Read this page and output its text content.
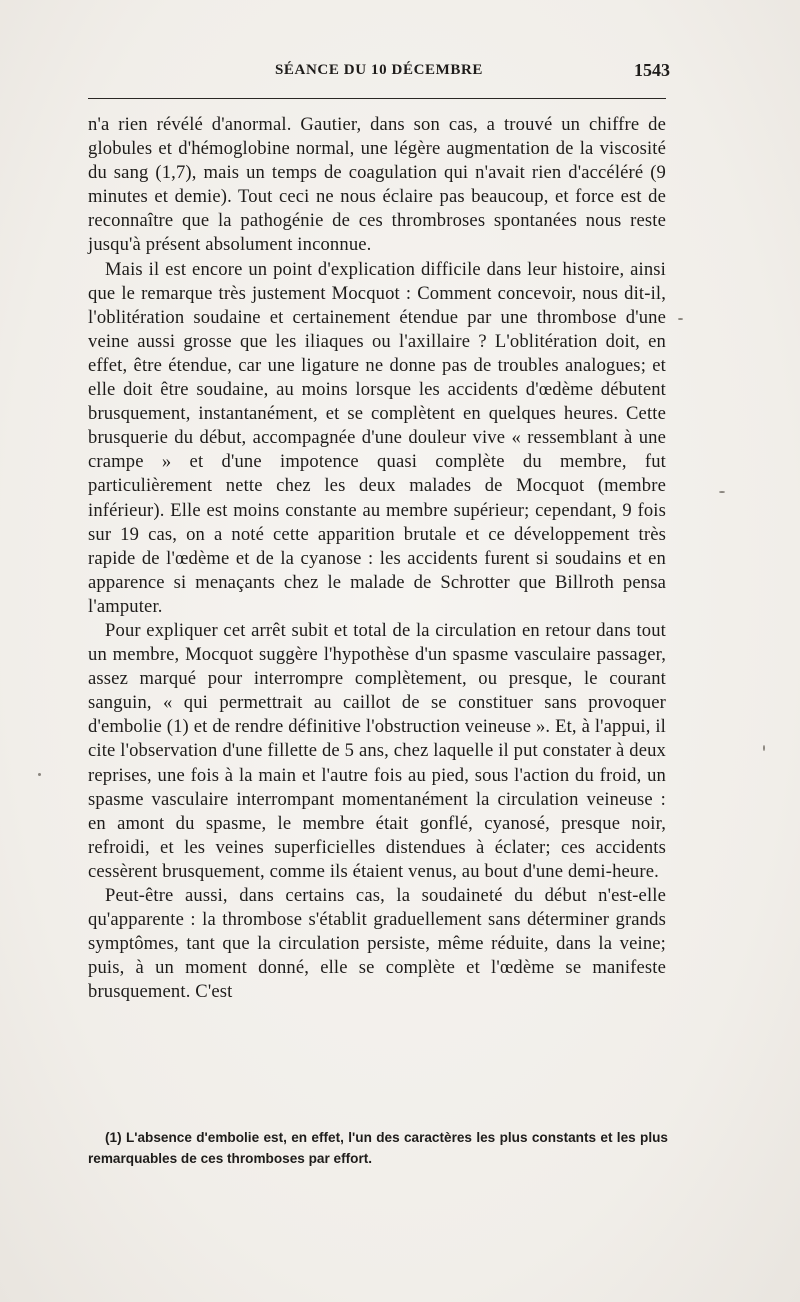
SÉANCE DU 10 DÉCEMBRE	1543

n'a rien révélé d'anormal. Gautier, dans son cas, a trouvé un chiffre de globules et d'hémoglobine normal, une légère augmentation de la viscosité du sang (1,7), mais un temps de coagulation qui n'avait rien d'accéléré (9 minutes et demie). Tout ceci ne nous éclaire pas beaucoup, et force est de reconnaître que la pathogénie de ces thrombroses spontanées nous reste jusqu'à présent absolument inconnue.

Mais il est encore un point d'explication difficile dans leur histoire, ainsi que le remarque très justement Mocquot : Comment concevoir, nous dit-il, l'oblitération soudaine et certainement étendue par une thrombose d'une veine aussi grosse que les iliaques ou l'axillaire ? L'oblitération doit, en effet, être étendue, car une ligature ne donne pas de troubles analogues; et elle doit être soudaine, au moins lorsque les accidents d'œdème débutent brusquement, instantanément, et se complètent en quelques heures. Cette brusquerie du début, accompagnée d'une douleur vive « ressemblant à une crampe » et d'une impotence quasi complète du membre, fut particulièrement nette chez les deux malades de Mocquot (membre inférieur). Elle est moins constante au membre supérieur; cependant, 9 fois sur 19 cas, on a noté cette apparition brutale et ce développement très rapide de l'œdème et de la cyanose : les accidents furent si soudains et en apparence si menaçants chez le malade de Schrotter que Billroth pensa l'amputer.

Pour expliquer cet arrêt subit et total de la circulation en retour dans tout un membre, Mocquot suggère l'hypothèse d'un spasme vasculaire passager, assez marqué pour interrompre complètement, ou presque, le courant sanguin, « qui permettrait au caillot de se constituer sans provoquer d'embolie (1) et de rendre définitive l'obstruction veineuse ». Et, à l'appui, il cite l'observation d'une fillette de 5 ans, chez laquelle il put constater à deux reprises, une fois à la main et l'autre fois au pied, sous l'action du froid, un spasme vasculaire interrompant momentanément la circulation veineuse : en amont du spasme, le membre était gonflé, cyanosé, presque noir, refroidi, et les veines superficielles distendues à éclater; ces accidents cessèrent brusquement, comme ils étaient venus, au bout d'une demi-heure.

Peut-être aussi, dans certains cas, la soudaineté du début n'est-elle qu'apparente : la thrombose s'établit graduellement sans déterminer grands symptômes, tant que la circulation persiste, même réduite, dans la veine; puis, à un moment donné, elle se complète et l'œdème se manifeste brusquement. C'est

(1) L'absence d'embolie est, en effet, l'un des caractères les plus constants et les plus remarquables de ces thromboses par effort.
